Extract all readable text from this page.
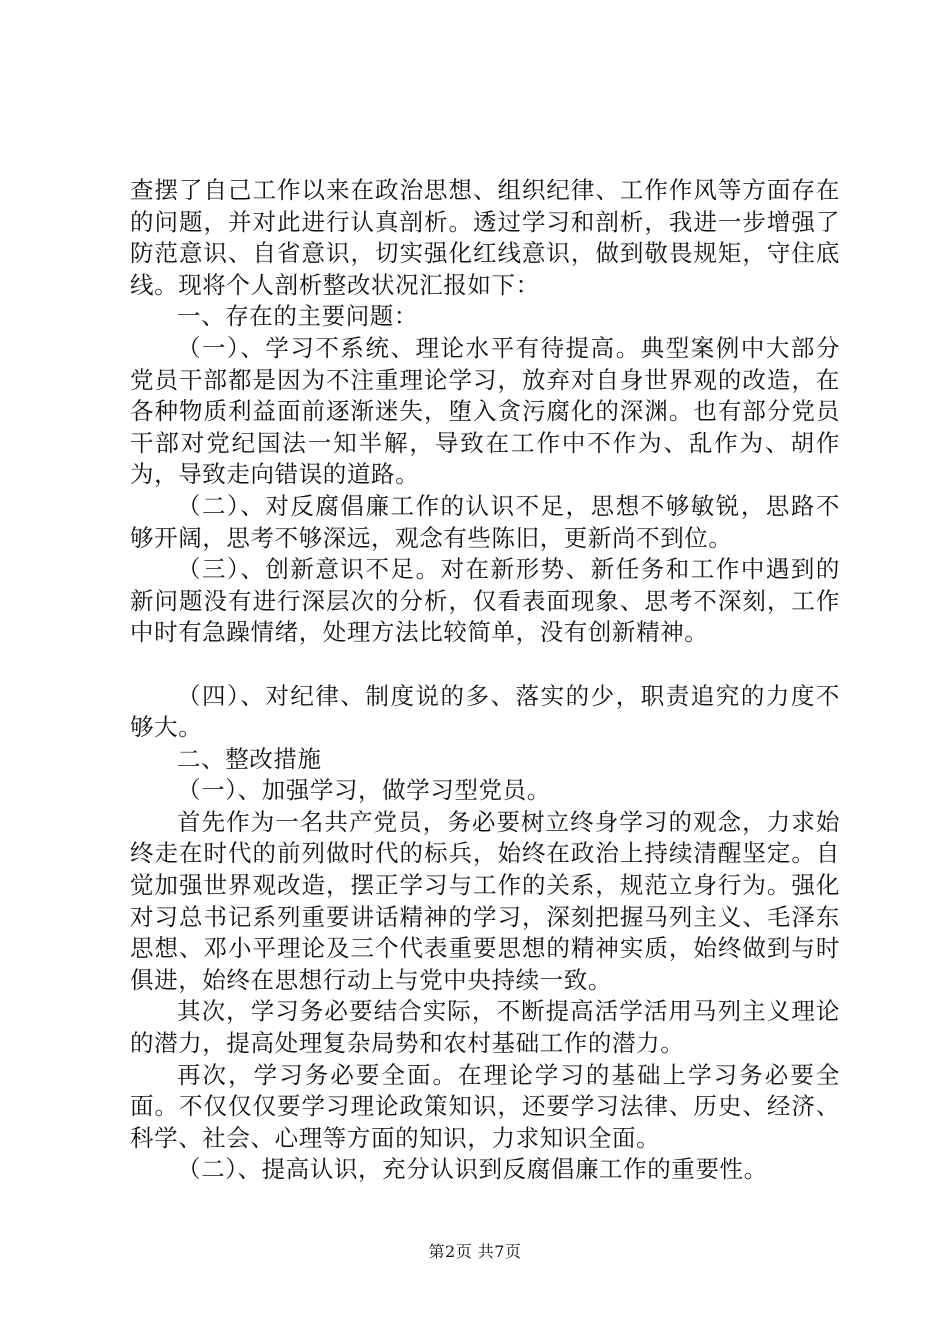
查摆了自己工作以来在政治思想、组织纪律、工作作风等方面存在的问题，并对此进行认真剖析。透过学习和剖析，我进一步增强了防范意识、自省意识，切实强化红线意识，做到敬畏规矩，守住底线。现将个人剖析整改状况汇报如下：

一、存在的主要问题：

（一）、学习不系统、理论水平有待提高。典型案例中大部分党员干部都是因为不注重理论学习，放弃对自身世界观的改造，在各种物质利益面前逐渐迷失，堕入贪污腐化的深渊。也有部分党员干部对党纪国法一知半解，导致在工作中不作为、乱作为、胡作为，导致走向错误的道路。

（二）、对反腐倡廉工作的认识不足，思想不够敏锐，思路不够开阔，思考不够深远，观念有些陈旧，更新尚不到位。

（三）、创新意识不足。对在新形势、新任务和工作中遇到的新问题没有进行深层次的分析，仅看表面现象、思考不深刻，工作中时有急躁情绪，处理方法比较简单，没有创新精神。

（四）、对纪律、制度说的多、落实的少，职责追究的力度不够大。

二、整改措施

（一）、加强学习，做学习型党员。

首先作为一名共产党员，务必要树立终身学习的观念，力求始终走在时代的前列做时代的标兵，始终在政治上持续清醒坚定。自觉加强世界观改造，摆正学习与工作的关系，规范立身行为。强化对习总书记系列重要讲话精神的学习，深刻把握马列主义、毛泽东思想、邓小平理论及三个代表重要思想的精神实质，始终做到与时俱进，始终在思想行动上与党中央持续一致。

其次，学习务必要结合实际，不断提高活学活用马列主义理论的潜力，提高处理复杂局势和农村基础工作的潜力。

再次，学习务必要全面。在理论学习的基础上学习务必要全面。不仅仅仅要学习理论政策知识，还要学习法律、历史、经济、科学、社会、心理等方面的知识，力求知识全面。

（二）、提高认识，充分认识到反腐倡廉工作的重要性。

第2页 共7页
